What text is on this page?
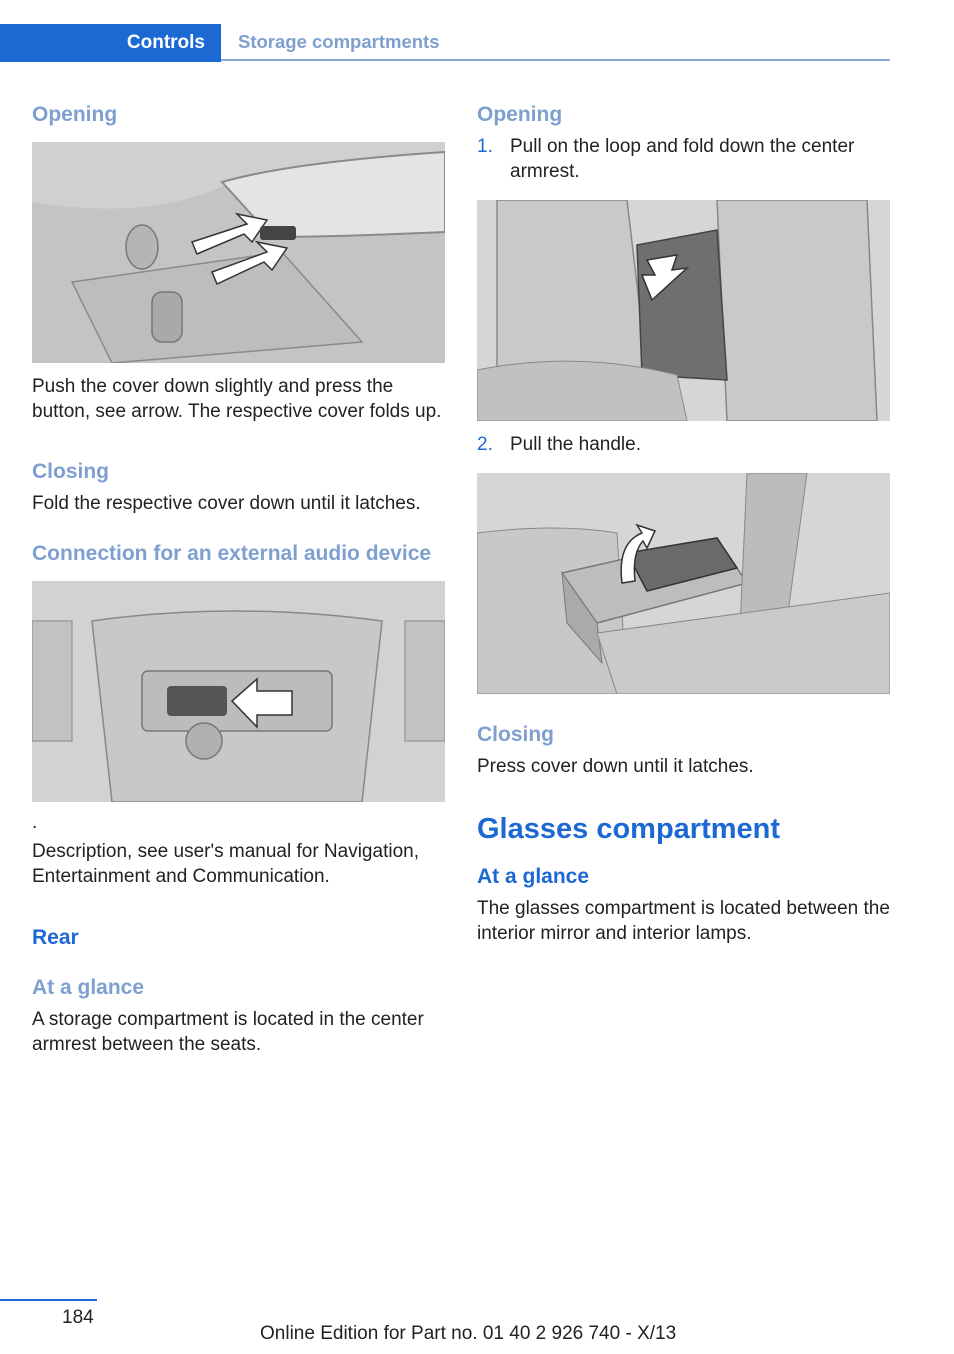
Controls Storage compartments
Opening
Push the cover down slightly and press the button, see arrow. The respective cover folds up.
Closing
Fold the respective cover down until it latches.
Connection for an external audio device
.
Description, see user's manual for Navigation, Entertainment and Communication.
Rear
At a glance
A storage compartment is located in the center armrest between the seats.
Opening
1. Pull on the loop and fold down the center armrest.
2. Pull the handle.
Closing
Press cover down until it latches.
Glasses compartment
At a glance
The glasses compartment is located between the interior mirror and interior lamps.
184
Online Edition for Part no. 01 40 2 926 740 - X/13
